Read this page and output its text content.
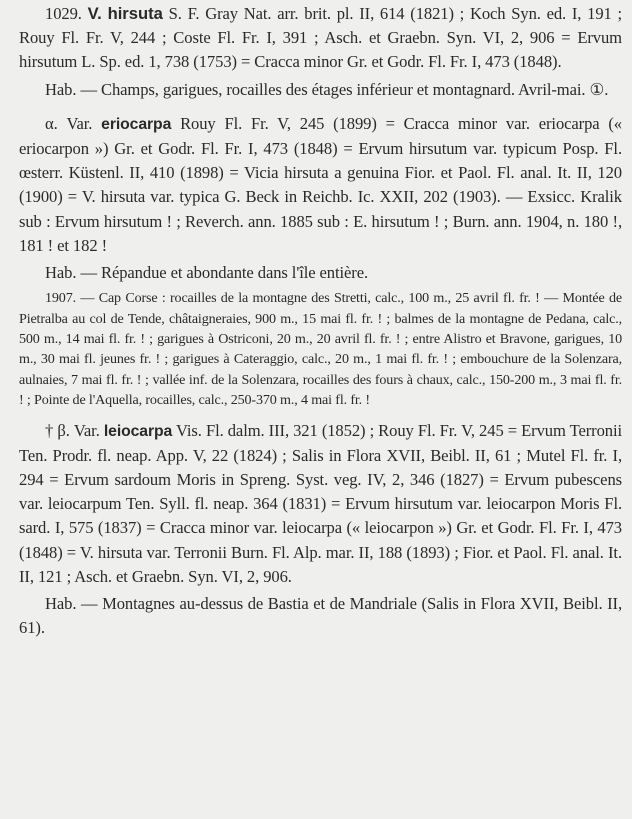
1029. V. hirsuta S. F. Gray Nat. arr. brit. pl. II, 614 (1821) ; Koch Syn. ed. I, 191 ; Rouy Fl. Fr. V, 244 ; Coste Fl. Fr. I, 391 ; Asch. et Graebn. Syn. VI, 2, 906 = Ervum hirsutum L. Sp. ed. 1, 738 (1753) = Cracca minor Gr. et Godr. Fl. Fr. I, 473 (1848).

Hab. — Champs, garigues, rocailles des étages inférieur et montagnard. Avril-mai. ①.

α. Var. eriocarpa Rouy Fl. Fr. V, 245 (1899) = Cracca minor var. eriocarpa (« eriocarpon ») Gr. et Godr. Fl. Fr. I, 473 (1848) = Ervum hirsutum var. typicum Posp. Fl. œsterr. Küstenl. II, 410 (1898) = Vicia hirsuta a genuina Fior. et Paol. Fl. anal. It. II, 120 (1900) = V. hirsuta var. typica G. Beck in Reichb. Ic. XXII, 202 (1903). — Exsicc. Kralik sub : Ervum hirsutum ! ; Reverch. ann. 1885 sub : E. hirsutum ! ; Burn. ann. 1904, n. 180 !, 181 ! et 182 !

Hab. — Répandue et abondante dans l'île entière.

1907. — Cap Corse : rocailles de la montagne des Stretti, calc., 100 m., 25 avril fl. fr. ! — Montée de Pietralba au col de Tende, châtaigneraies, 900 m., 15 mai fl. fr. ! ; balmes de la montagne de Pedana, calc., 500 m., 14 mai fl. fr. ! ; garigues à Ostriconi, 20 m., 20 avril fl. fr. ! ; entre Alistro et Bravone, garigues, 10 m., 30 mai fl. jeunes fr. ! ; garigues à Cateraggio, calc., 20 m., 1 mai fl. fr. ! ; embouchure de la Solenzara, aulnaies, 7 mai fl. fr. ! ; vallée inf. de la Solenzara, rocailles des fours à chaux, calc., 150-200 m., 3 mai fl. fr. ! ; Pointe de l'Aquella, rocailles, calc., 250-370 m., 4 mai fl. fr. !

† β. Var. leiocarpa Vis. Fl. dalm. III, 321 (1852) ; Rouy Fl. Fr. V, 245 = Ervum Terronii Ten. Prodr. fl. neap. App. V, 22 (1824) ; Salis in Flora XVII, Beibl. II, 61 ; Mutel Fl. fr. I, 294 = Ervum sardoum Moris in Spreng. Syst. veg. IV, 2, 346 (1827) = Ervum pubescens var. leiocarpum Ten. Syll. fl. neap. 364 (1831) = Ervum hirsutum var. leiocarpon Moris Fl. sard. I, 575 (1837) = Cracca minor var. leiocarpa (« leiocarpon ») Gr. et Godr. Fl. Fr. I, 473 (1848) = V. hirsuta var. Terronii Burn. Fl. Alp. mar. II, 188 (1893) ; Fior. et Paol. Fl. anal. It. II, 121 ; Asch. et Graebn. Syn. VI, 2, 906.

Hab. — Montagnes au-dessus de Bastia et de Mandriale (Salis in Flora XVII, Beibl. II, 61).
